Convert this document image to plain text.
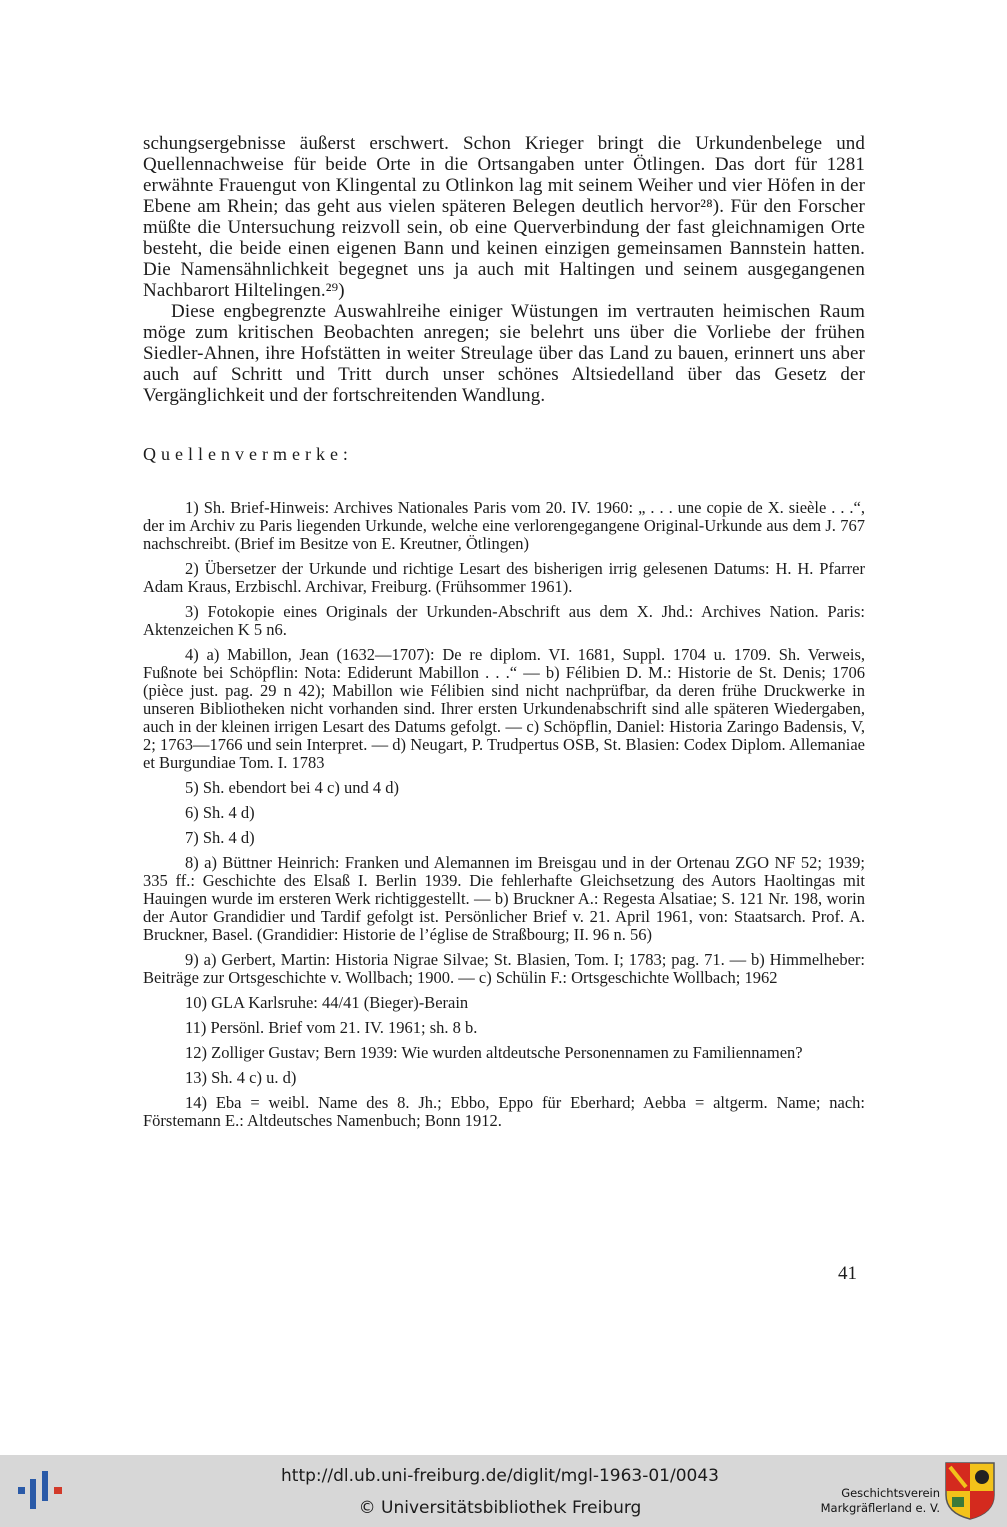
schungsergebnisse äußerst erschwert. Schon Krieger bringt die Urkundenbelege und Quellennachweise für beide Orte in die Ortsangaben unter Ötlingen. Das dort für 1281 erwähnte Frauengut von Klingental zu Otlinkon lag mit seinem Weiher und vier Höfen in der Ebene am Rhein; das geht aus vielen späteren Belegen deutlich hervor²⁸). Für den Forscher müßte die Untersuchung reizvoll sein, ob eine Querverbindung der fast gleichnamigen Orte besteht, die beide einen eigenen Bann und keinen einzigen gemeinsamen Bannstein hatten. Die Namensähnlichkeit begegnet uns ja auch mit Haltingen und seinem ausgegangenen Nachbarort Hiltelingen.²⁹)

Diese engbegrenzte Auswahlreihe einiger Wüstungen im vertrauten heimischen Raum möge zum kritischen Beobachten anregen; sie belehrt uns über die Vorliebe der frühen Siedler-Ahnen, ihre Hofstätten in weiter Streulage über das Land zu bauen, erinnert uns aber auch auf Schritt und Tritt durch unser schönes Altsiedelland über das Gesetz der Vergänglichkeit und der fortschreitenden Wandlung.

Quellenvermerke:

1) Sh. Brief-Hinweis: Archives Nationales Paris vom 20. IV. 1960: „ . . . une copie de X. sieèle . . .“, der im Archiv zu Paris liegenden Urkunde, welche eine verlorengegangene Original-Urkunde aus dem J. 767 nachschreibt. (Brief im Besitze von E. Kreutner, Ötlingen)

2) Übersetzer der Urkunde und richtige Lesart des bisherigen irrig gelesenen Datums: H. H. Pfarrer Adam Kraus, Erzbischl. Archivar, Freiburg. (Frühsommer 1961).

3) Fotokopie eines Originals der Urkunden-Abschrift aus dem X. Jhd.: Archives Nation. Paris: Aktenzeichen K 5 n6.

4) a) Mabillon, Jean (1632—1707): De re diplom. VI. 1681, Suppl. 1704 u. 1709. Sh. Verweis, Fußnote bei Schöpflin: Nota: Ediderunt Mabillon . . .“ — b) Félibien D. M.: Historie de St. Denis; 1706 (pièce just. pag. 29 n 42); Mabillon wie Félibien sind nicht nachprüfbar, da deren frühe Druckwerke in unseren Bibliotheken nicht vorhanden sind. Ihrer ersten Urkundenabschrift sind alle späteren Wiedergaben, auch in der kleinen irrigen Lesart des Datums gefolgt. — c) Schöpflin, Daniel: Historia Zaringo Badensis, V, 2; 1763—1766 und sein Interpret. — d) Neugart, P. Trudpertus OSB, St. Blasien: Codex Diplom. Allemaniae et Burgundiae Tom. I. 1783

5) Sh. ebendort bei 4 c) und 4 d)

6) Sh. 4 d)

7) Sh. 4 d)

8) a) Büttner Heinrich: Franken und Alemannen im Breisgau und in der Ortenau ZGO NF 52; 1939; 335 ff.: Geschichte des Elsaß I. Berlin 1939. Die fehlerhafte Gleichsetzung des Autors Haoltingas mit Hauingen wurde im ersteren Werk richtiggestellt. — b) Bruckner A.: Regesta Alsatiae; S. 121 Nr. 198, worin der Autor Grandidier und Tardif gefolgt ist. Persönlicher Brief v. 21. April 1961, von: Staatsarch. Prof. A. Bruckner, Basel. (Grandidier: Historie de l’église de Straßbourg; II. 96 n. 56)

9) a) Gerbert, Martin: Historia Nigrae Silvae; St. Blasien, Tom. I; 1783; pag. 71. — b) Himmelheber: Beiträge zur Ortsgeschichte v. Wollbach; 1900. — c) Schülin F.: Ortsgeschichte Wollbach; 1962

10) GLA Karlsruhe: 44/41 (Bieger)-Berain

11) Persönl. Brief vom 21. IV. 1961; sh. 8 b.

12) Zolliger Gustav; Bern 1939: Wie wurden altdeutsche Personennamen zu Familiennamen?

13) Sh. 4 c) u. d)

14) Eba = weibl. Name des 8. Jh.; Ebbo, Eppo für Eberhard; Aebba = altgerm. Name; nach: Förstemann E.: Altdeutsches Namenbuch; Bonn 1912.

41
http://dl.ub.uni-freiburg.de/diglit/mgl-1963-01/0043
© Universitätsbibliothek Freiburg
Geschichtsverein
Markgräflerland e. V.
